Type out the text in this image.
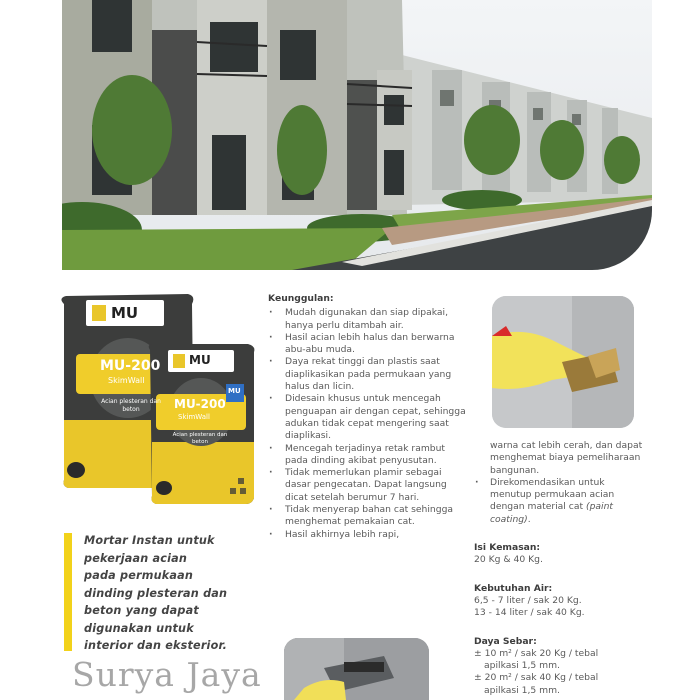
MU
MU-200
SkimWall
Acian plesteran dan beton
MU
MU-200
SkimWall
Acian plesteran dan beton
MU
Mortar Instan untuk
pekerjaan acian
pada permukaan
dinding plesteran dan
beton yang dapat
digunakan untuk
interior dan eksterior.
Surya Jaya
Keunggulan:
· Mudah digunakan dan siap dipakai, hanya perlu ditambah air.
· Hasil acian lebih halus dan berwarna abu-abu muda.
· Daya rekat tinggi dan plastis saat diaplikasikan pada permukaan yang halus dan licin.
· Didesain khusus untuk mencegah penguapan air dengan cepat, sehingga adukan tidak cepat mengering saat diaplikasi.
· Mencegah terjadinya retak rambut pada dinding akibat penyusutan.
· Tidak memerlukan plamir sebagai dasar pengecatan. Dapat langsung dicat setelah berumur 7 hari.
· Tidak menyerap bahan cat sehingga menghemat pemakaian cat.
· Hasil akhirnya lebih rapi,
warna cat lebih cerah, dan dapat menghemat biaya pemeliharaan bangunan.
· Direkomendasikan untuk menutup permukaan acian dengan material cat (paint coating).
Isi Kemasan:
20 Kg & 40 Kg.
Kebutuhan Air:
6,5 - 7 liter / sak 20 Kg.
13 - 14 liter / sak 40 Kg.
Daya Sebar:
± 10 m² / sak 20 Kg / tebal
apilkasi 1,5 mm.
± 20 m² / sak 40 Kg / tebal
apilkasi 1,5 mm.
